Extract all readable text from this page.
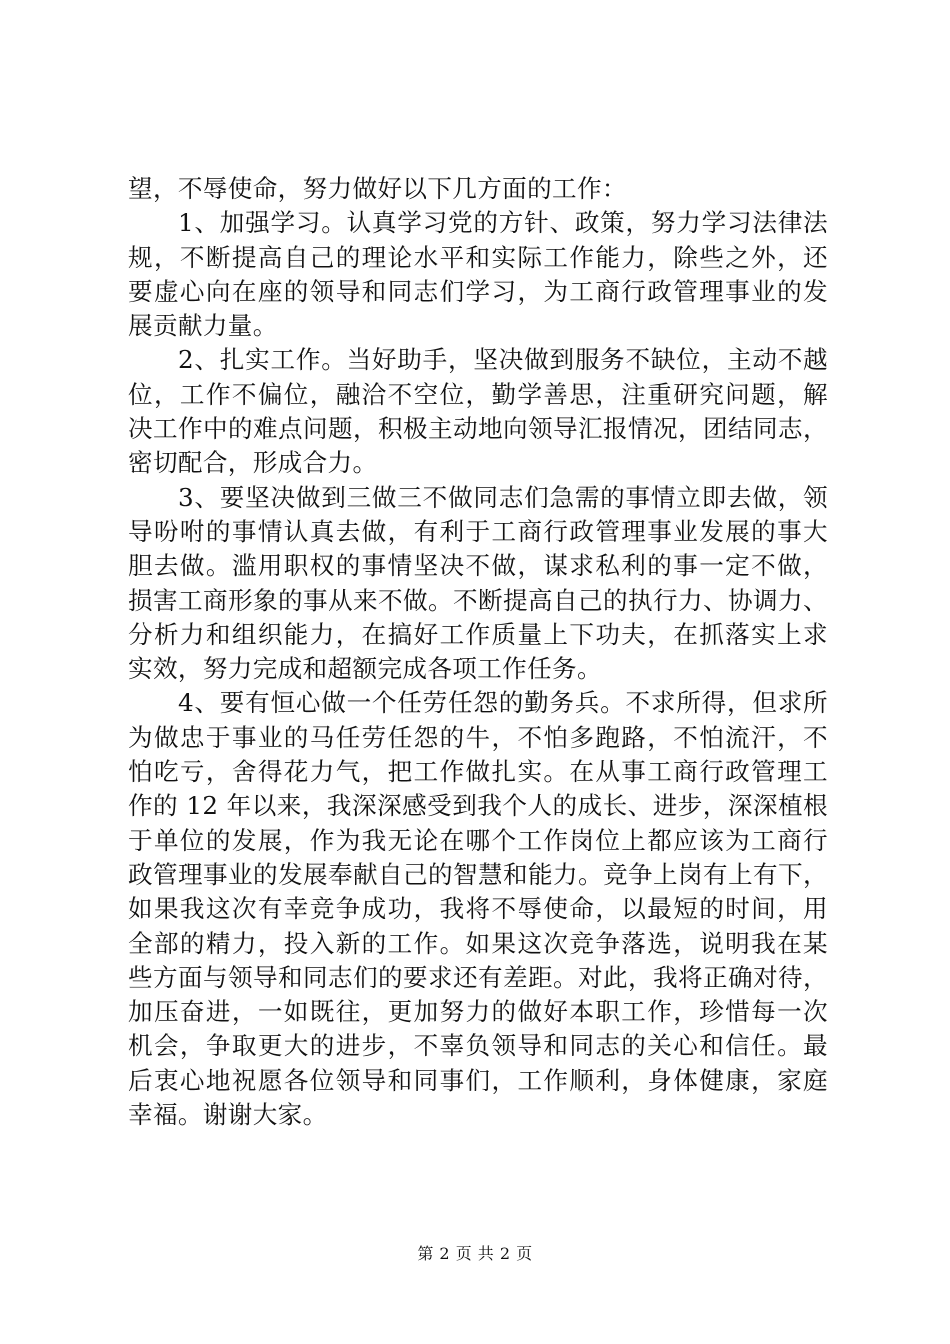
望，不辱使命，努力做好以下几方面的工作：
1、加强学习。认真学习党的方针、政策，努力学习法律法
规，不断提高自己的理论水平和实际工作能力，除些之外，还
要虚心向在座的领导和同志们学习，为工商行政管理事业的发
展贡献力量。
2、扎实工作。当好助手，坚决做到服务不缺位，主动不越
位，工作不偏位，融洽不空位，勤学善思，注重研究问题，解
决工作中的难点问题，积极主动地向领导汇报情况，团结同志，
密切配合，形成合力。
3、要坚决做到三做三不做同志们急需的事情立即去做，领
导吩咐的事情认真去做，有利于工商行政管理事业发展的事大
胆去做。滥用职权的事情坚决不做，谋求私利的事一定不做，
损害工商形象的事从来不做。不断提高自己的执行力、协调力、
分析力和组织能力，在搞好工作质量上下功夫，在抓落实上求
实效，努力完成和超额完成各项工作任务。
4、要有恒心做一个任劳任怨的勤务兵。不求所得，但求所
为做忠于事业的马任劳任怨的牛，不怕多跑路，不怕流汗，不
怕吃亏，舍得花力气，把工作做扎实。在从事工商行政管理工
作的 12 年以来，我深深感受到我个人的成长、进步，深深植根
于单位的发展，作为我无论在哪个工作岗位上都应该为工商行
政管理事业的发展奉献自己的智慧和能力。竞争上岗有上有下，
如果我这次有幸竞争成功，我将不辱使命，以最短的时间，用
全部的精力，投入新的工作。如果这次竞争落选，说明我在某
些方面与领导和同志们的要求还有差距。对此，我将正确对待，
加压奋进，一如既往，更加努力的做好本职工作，珍惜每一次
机会，争取更大的进步，不辜负领导和同志的关心和信任。最
后衷心地祝愿各位领导和同事们，工作顺利，身体健康，家庭
幸福。谢谢大家。
第 2 页 共 2 页
